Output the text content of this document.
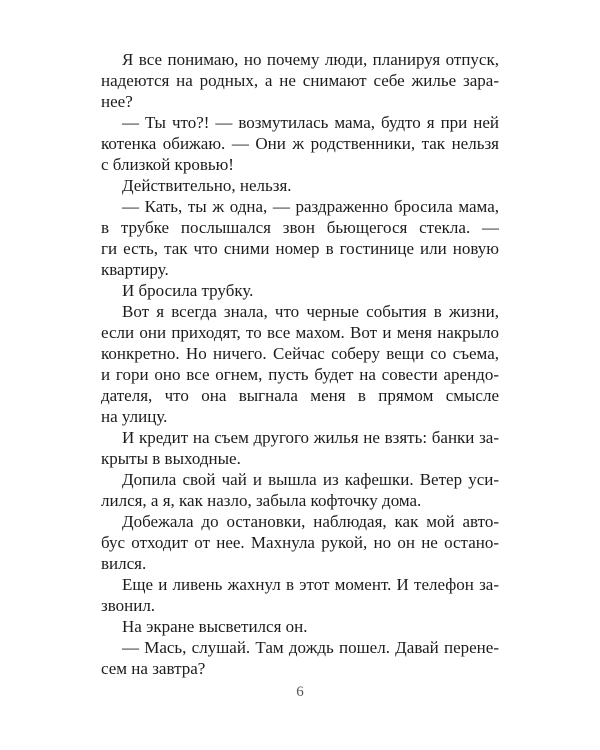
Я все понимаю, но почему люди, планируя отпуск,
надеются на родных, а не снимают себе жилье зара-
нее?
— Ты что?! — возмутилась мама, будто я при ней
котенка обижаю. — Они ж родственники, так нельзя
с близкой кровью!
Действительно, нельзя.
— Кать, ты ж одна, — раздраженно бросила мама,
в трубке послышался звон бьющегося стекла. —
ги есть, так что сними номер в гостинице или новую
квартиру.
И бросила трубку.
Вот я всегда знала, что черные события в жизни,
если они приходят, то все махом. Вот и меня накрыло
конкретно. Но ничего. Сейчас соберу вещи со съема,
и гори оно все огнем, пусть будет на совести арендо-
дателя, что она выгнала меня в прямом смысле
на улицу.
И кредит на съем другого жилья не взять: банки за-
крыты в выходные.
Допила свой чай и вышла из кафешки. Ветер уси-
лился, а я, как назло, забыла кофточку дома.
Добежала до остановки, наблюдая, как мой авто-
бус отходит от нее. Махнула рукой, но он не остано-
вился.
Еще и ливень жахнул в этот момент. И телефон за-
звонил.
На экране высветился он.
— Мась, слушай. Там дождь пошел. Давай перене-
сем на завтра?
6
